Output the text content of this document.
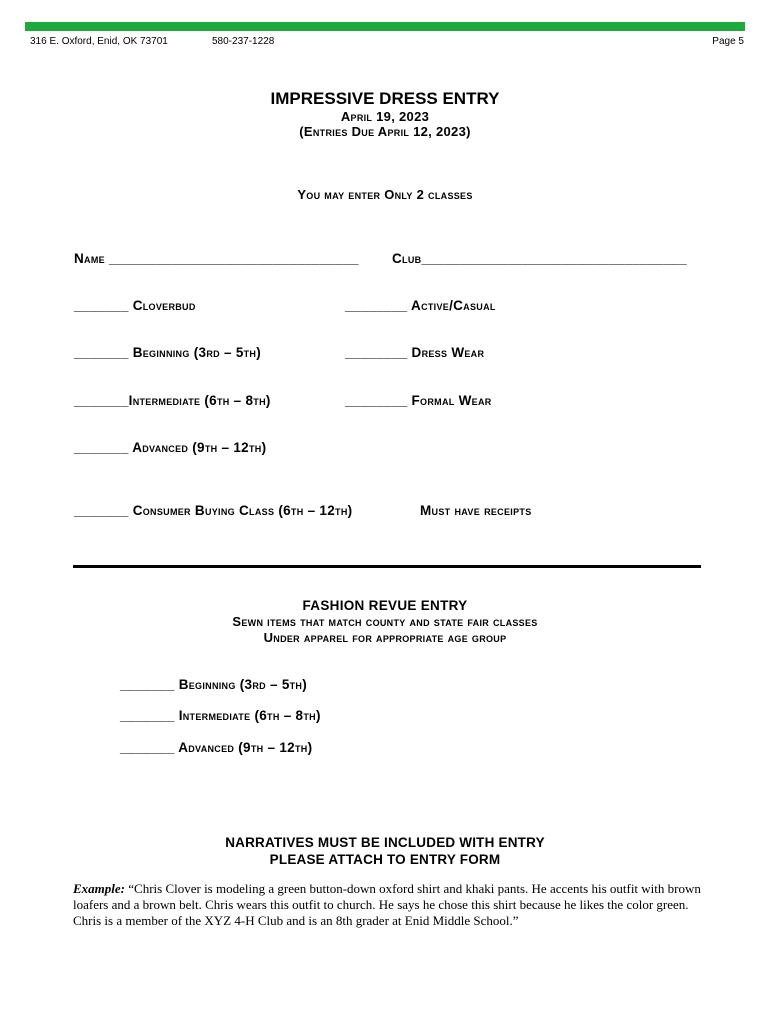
316 E. Oxford, Enid, OK 73701	580-237-1228	Page 5
IMPRESSIVE DRESS ENTRY
April 19, 2023
(Entries Due April 12, 2023)
You may enter Only 2 classes
Name ________________________________ Club__________________________________
_______ Cloverbud
_______ Beginning (3rd – 5th)
_______Intermediate (6th – 8th)
_______ Advanced (9th – 12th)
________ Active/Casual
________ Dress Wear
________ Formal Wear
_______ Consumer Buying Class (6th – 12th)	Must have receipts
FASHION REVUE ENTRY
Sewn items that match county and state fair classes
Under apparel for appropriate age group
_______ Beginning (3rd – 5th)
_______ Intermediate (6th – 8th)
_______ Advanced (9th – 12th)
NARRATIVES MUST BE INCLUDED WITH ENTRY
PLEASE ATTACH TO ENTRY FORM
Example: “Chris Clover is modeling a green button-down oxford shirt and khaki pants. He accents his outfit with brown loafers and a brown belt. Chris wears this outfit to church. He says he chose this shirt because he likes the color green. Chris is a member of the XYZ 4-H Club and is an 8th grader at Enid Middle School.”
